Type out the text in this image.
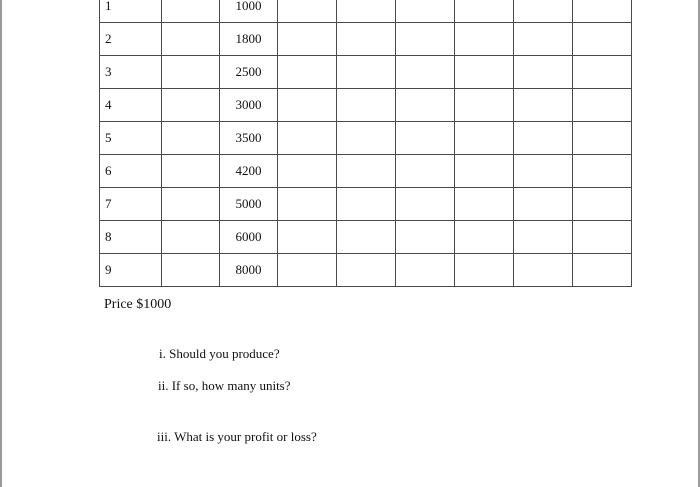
1		1000						
2		1800						
3		2500						
4		3000						
5		3500						
6		4200						
7		5000						
8		6000						
9		8000						
Price $1000
i. Should you produce?
ii. If so, how many units?
iii. What is your profit or loss?
